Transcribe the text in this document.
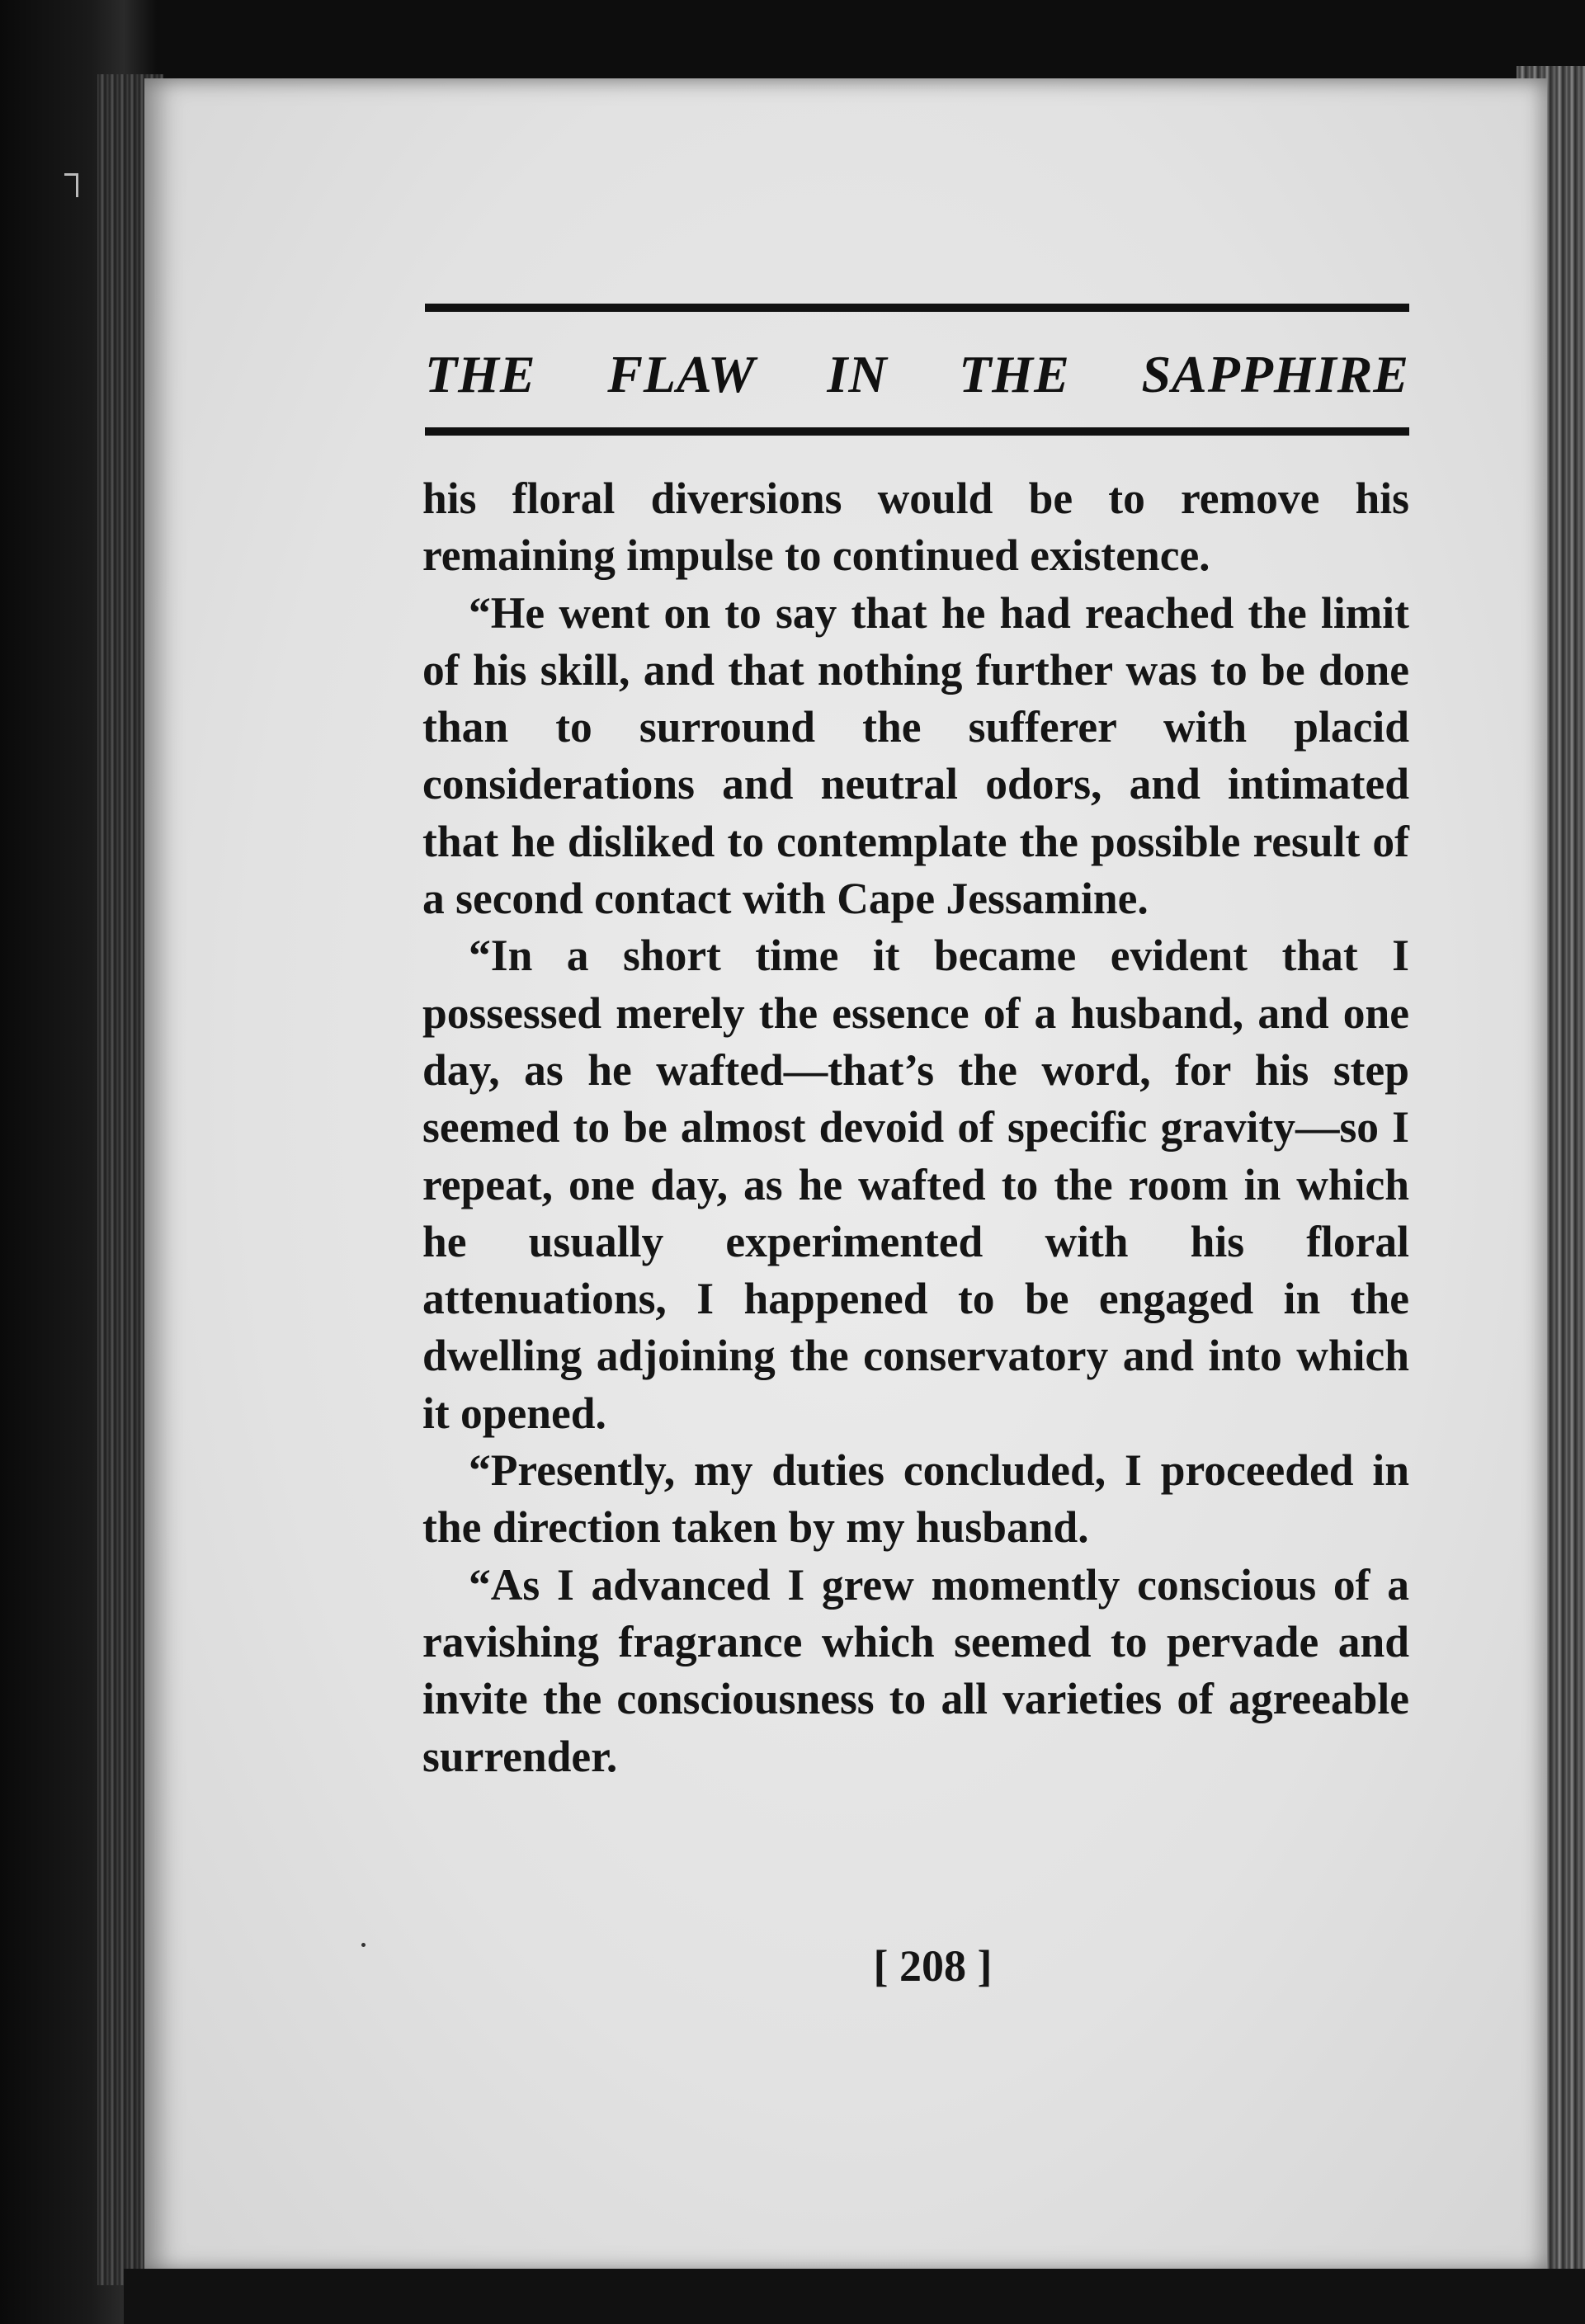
THE FLAW IN THE SAPPHIRE

his floral diversions would be to remove his remaining impulse to continued existence.

“He went on to say that he had reached the limit of his skill, and that nothing further was to be done than to surround the sufferer with placid considerations and neutral odors, and intimated that he disliked to contemplate the possible result of a second contact with Cape Jessamine.

“In a short time it became evident that I possessed merely the essence of a husband, and one day, as he wafted—that’s the word, for his step seemed to be almost devoid of specific gravity—so I repeat, one day, as he wafted to the room in which he usually experimented with his floral attenuations, I happened to be engaged in the dwelling adjoining the conservatory and into which it opened.

“Presently, my duties concluded, I proceeded in the direction taken by my husband.

“As I advanced I grew momently conscious of a ravishing fragrance which seemed to pervade and invite the consciousness to all varieties of agreeable surrender.

[ 208 ]
